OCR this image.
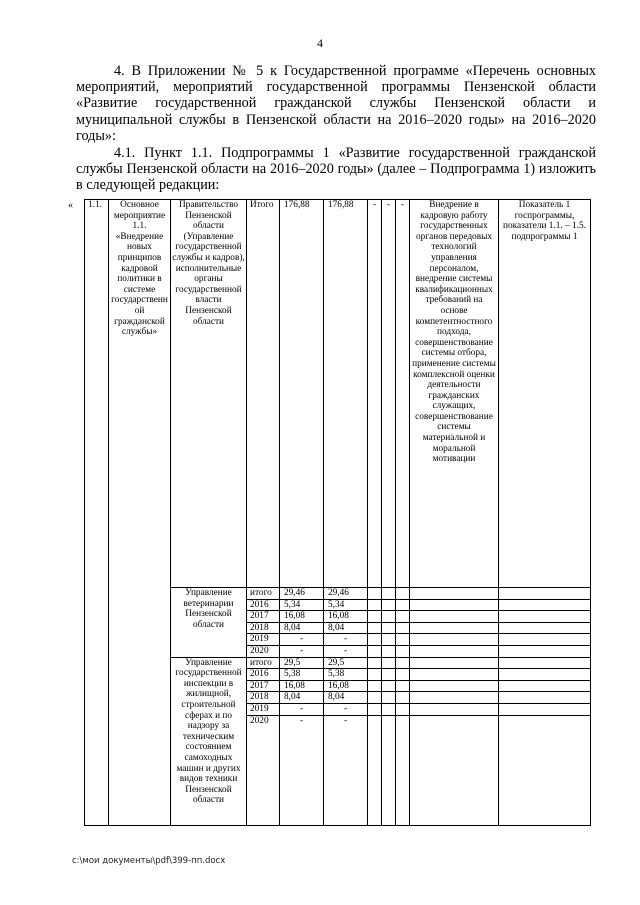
4

4. В Приложении № 5 к Государственной программе «Перечень основных мероприятий, мероприятий государственной программы Пензенской области «Развитие государственной гражданской службы Пензенской области и муниципальной службы в Пензенской области на 2016–2020 годы» на 2016–2020 годы»:

4.1. Пункт 1.1. Подпрограммы 1 «Развитие государственной гражданской службы Пензенской области на 2016–2020 годы» (далее – Подпрограмма 1) изложить в следующей редакции:

« 1.1.	Основное мероприятие 1.1. «Внедрение новых принципов кадровой политики в системе государственной гражданской службы»	Правительство Пензенской области (Управление государственной службы и кадров), исполнительные органы государственной власти Пензенской области	Итого	176,88	176,88	-	-	-	Внедрение в кадровую работу государственных органов передовых технологий управления персоналом, внедрение системы квалификационных требований на основе компетентностного подхода, совершенствование системы отбора, применение системы комплексной оценки деятельности гражданских служащих, совершенствование системы материальной и моральной мотивации	Показатель 1 госпрограммы, показатели 1.1. – 1.5. подпрограммы 1
		Управление ветеринарии Пензенской области	итого	29,46	29,46					
			2016	5,34	5,34					
			2017	16,08	16,08					
			2018	8,04	8,04					
			2019	-	-					
			2020	-	-					
		Управление государственной инспекции в жилищной, строительной сферах и по надзору за техническим состоянием самоходных машин и других видов техники Пензенской области	итого	29,5	29,5					
			2016	5,38	5,38					
			2017	16,08	16,08					
			2018	8,04	8,04					
			2019	-	-					
			2020	-	-					
c:\мои документы\pdf\399-пп.docx
